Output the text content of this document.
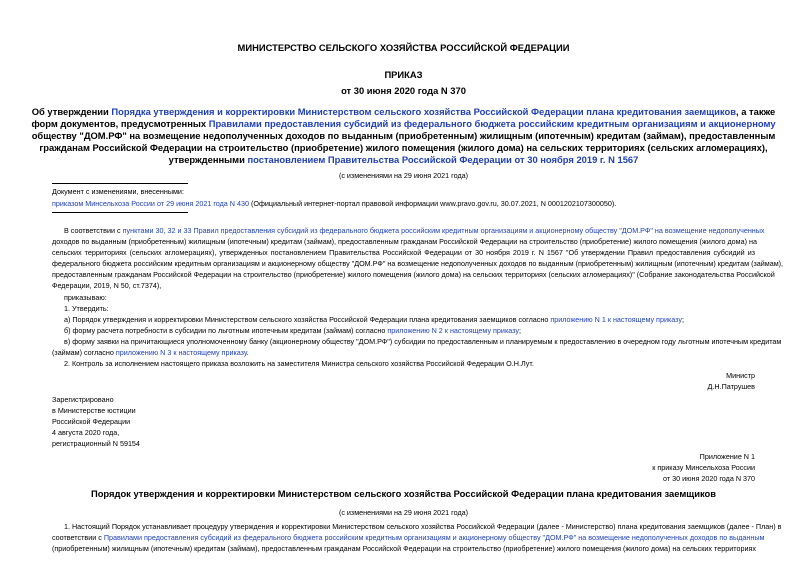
МИНИСТЕРСТВО СЕЛЬСКОГО ХОЗЯЙСТВА РОССИЙСКОЙ ФЕДЕРАЦИИ
ПРИКАЗ
от 30 июня 2020 года N 370
Об утверждении Порядка утверждения и корректировки Министерством сельского хозяйства Российской Федерации плана кредитования заемщиков, а также
форм документов, предусмотренных Правилами предоставления субсидий из федерального бюджета российским кредитным организациям и акционерному
обществу "ДОМ.РФ" на возмещение недополученных доходов по выданным (приобретенным) жилищным (ипотечным) кредитам (займам), предоставленным
гражданам Российской Федерации на строительство (приобретение) жилого помещения (жилого дома) на сельских территориях (сельских агломерациях),
утвержденными постановлением Правительства Российской Федерации от 30 ноября 2019 г. N 1567
(с изменениями на 29 июня 2021 года)
Документ с изменениями, внесенными:
приказом Минсельхоза России от 29 июня 2021 года N 430 (Официальный интернет-портал правовой информации www.pravo.gov.ru, 30.07.2021, N 0001202107300050).
В соответствии с пунктами 30, 32 и 33 Правил предоставления субсидий из федерального бюджета российским кредитным организациям и акционерному обществу "ДОМ.РФ" на возмещение недополученных
доходов по выданным (приобретенным) жилищным (ипотечным) кредитам (займам), предоставленным гражданам Российской Федерации на строительство (приобретение) жилого помещения (жилого дома) на
сельских территориях (сельских агломерациях), утвержденных постановлением Правительства Российской Федерации от 30 ноября 2019 г. N 1567 "Об утверждении Правил предоставления субсидий из
федерального бюджета российским кредитным организациям и акционерному обществу "ДОМ.РФ" на возмещение недополученных доходов по выданным (приобретенным) жилищным (ипотечным) кредитам (займам),
предоставленным гражданам Российской Федерации на строительство (приобретение) жилого помещения (жилого дома) на сельских территориях (сельских агломерациях)" (Собрание законодательства Российской
Федерации, 2019, N 50, ст.7374),
приказываю:
1. Утвердить:
а) Порядок утверждения и корректировки Министерством сельского хозяйства Российской Федерации плана кредитования заемщиков согласно приложению N 1 к настоящему приказу;
б) форму расчета потребности в субсидии по льготным ипотечным кредитам (займам) согласно приложению N 2 к настоящему приказу;
в) форму заявки на причитающиеся уполномоченному банку (акционерному обществу "ДОМ.РФ") субсидии по предоставленным и планируемым к предоставлению в очередном году льготным ипотечным кредитам
(займам) согласно приложению N 3 к настоящему приказу.
2. Контроль за исполнением настоящего приказа возложить на заместителя Министра сельского хозяйства Российской Федерации О.Н.Лут.
Министр
Д.Н.Патрушев
Зарегистрировано
в Министерстве юстиции
Российской Федерации
4 августа 2020 года,
регистрационный N 59154
Приложение N 1
к приказу Минсельхоза России
от 30 июня 2020 года N 370
Порядок утверждения и корректировки Министерством сельского хозяйства Российской Федерации плана кредитования заемщиков
(с изменениями на 29 июня 2021 года)
1. Настоящий Порядок устанавливает процедуру утверждения и корректировки Министерством сельского хозяйства Российской Федерации (далее - Министерство) плана кредитования заемщиков (далее - План) в
соответствии с Правилами предоставления субсидий из федерального бюджета российским кредитным организациям и акционерному обществу "ДОМ.РФ" на возмещение недополученных доходов по выданным
(приобретенным) жилищным (ипотечным) кредитам (займам), предоставленным гражданам Российской Федерации на строительство (приобретение) жилого помещения (жилого дома) на сельских территориях
